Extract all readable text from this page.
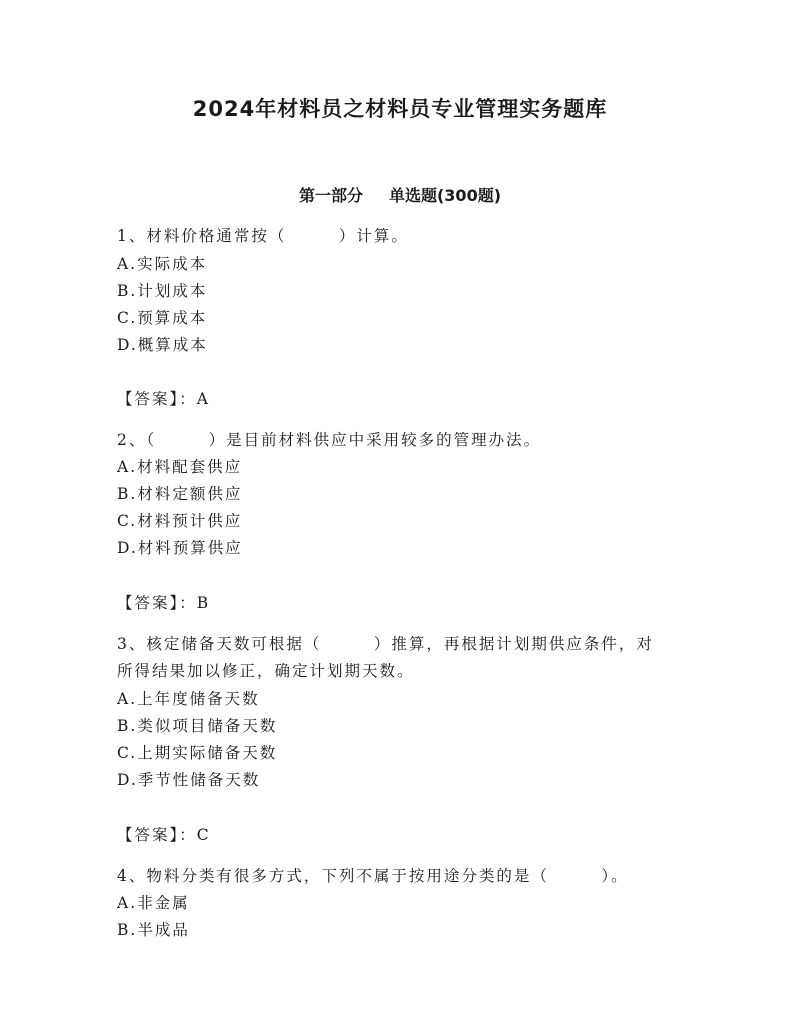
2024年材料员之材料员专业管理实务题库
第一部分 单选题(300题)
1、材料价格通常按（　　　）计算。
A.实际成本
B.计划成本
C.预算成本
D.概算成本
【答案】：A
2、（　　　）是目前材料供应中采用较多的管理办法。
A.材料配套供应
B.材料定额供应
C.材料预计供应
D.材料预算供应
【答案】：B
3、核定储备天数可根据（　　　）推算，再根据计划期供应条件，对
所得结果加以修正，确定计划期天数。
A.上年度储备天数
B.类似项目储备天数
C.上期实际储备天数
D.季节性储备天数
【答案】：C
4、物料分类有很多方式，下列不属于按用途分类的是（　　　）。
A.非金属
B.半成品
